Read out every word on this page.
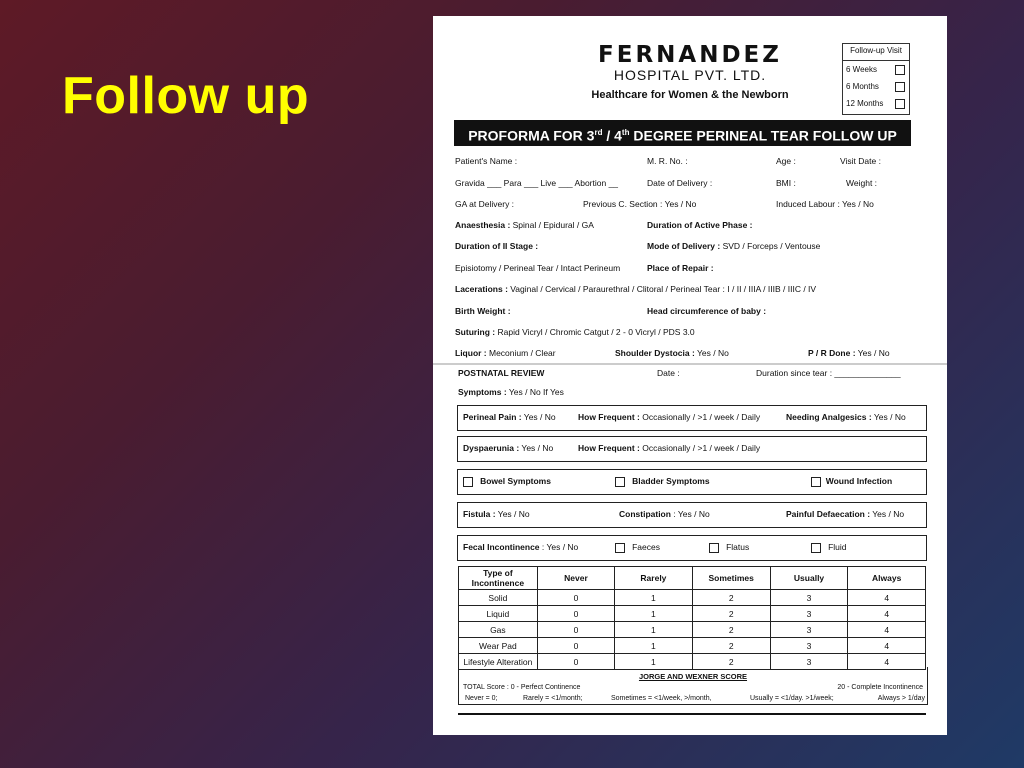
Follow up
FERNANDEZ
HOSPITAL PVT. LTD.
Healthcare for Women & the Newborn
Follow-up Visit
6 Weeks
6 Months
12 Months
PROFORMA FOR 3rd / 4th DEGREE PERINEAL TEAR FOLLOW UP
Patient's Name :	M. R. No. :	Age :	Visit Date :
Gravida ___ Para ___ Live ___ Abortion __	Date of Delivery :	BMI :	Weight :
GA at Delivery :	Previous C. Section : Yes / No	Induced Labour : Yes / No
Anaesthesia : Spinal / Epidural / GA	Duration of Active Phase :
Duration of II Stage :	Mode of Delivery : SVD / Forceps / Ventouse
Episiotomy / Perineal Tear / Intact Perineum	Place of Repair :
Lacerations : Vaginal / Cervical / Paraurethral / Clitoral / Perineal Tear : I / II / IIIA / IIIB / IIIC / IV
Birth Weight :	Head circumference of baby :
Suturing : Rapid Vicryl / Chromic Catgut / 2 - 0 Vicryl / PDS 3.0
Liquor : Meconium / Clear	Shoulder Dystocia : Yes / No	P / R Done : Yes / No
POSTNATAL REVIEW	Date :	Duration since tear : ______________
Symptoms : Yes / No If Yes
Perineal Pain : Yes / No	How Frequent : Occasionally / >1 / week / Daily	Needing Analgesics : Yes / No
Dyspaerunia : Yes / No	How Frequent : Occasionally / >1 / week / Daily
Bowel Symptoms	Bladder Symptoms	Wound Infection
Fistula : Yes / No	Constipation : Yes / No	Painful Defaecation : Yes / No
Fecal Incontinence : Yes / No	Faeces	Flatus	Fluid
Type of Incontinence	Never	Rarely	Sometimes	Usually	Always
Solid	0	1	2	3	4
Liquid	0	1	2	3	4
Gas	0	1	2	3	4
Wear Pad	0	1	2	3	4
Lifestyle Alteration	0	1	2	3	4
JORGE AND WEXNER SCORE
TOTAL Score : 0 - Perfect Continence	20 - Complete Incontinence
Never = 0;	Rarely = <1/month;	Sometimes = <1/week, >/month,	Usually = <1/day. >1/week;	Always > 1/day
